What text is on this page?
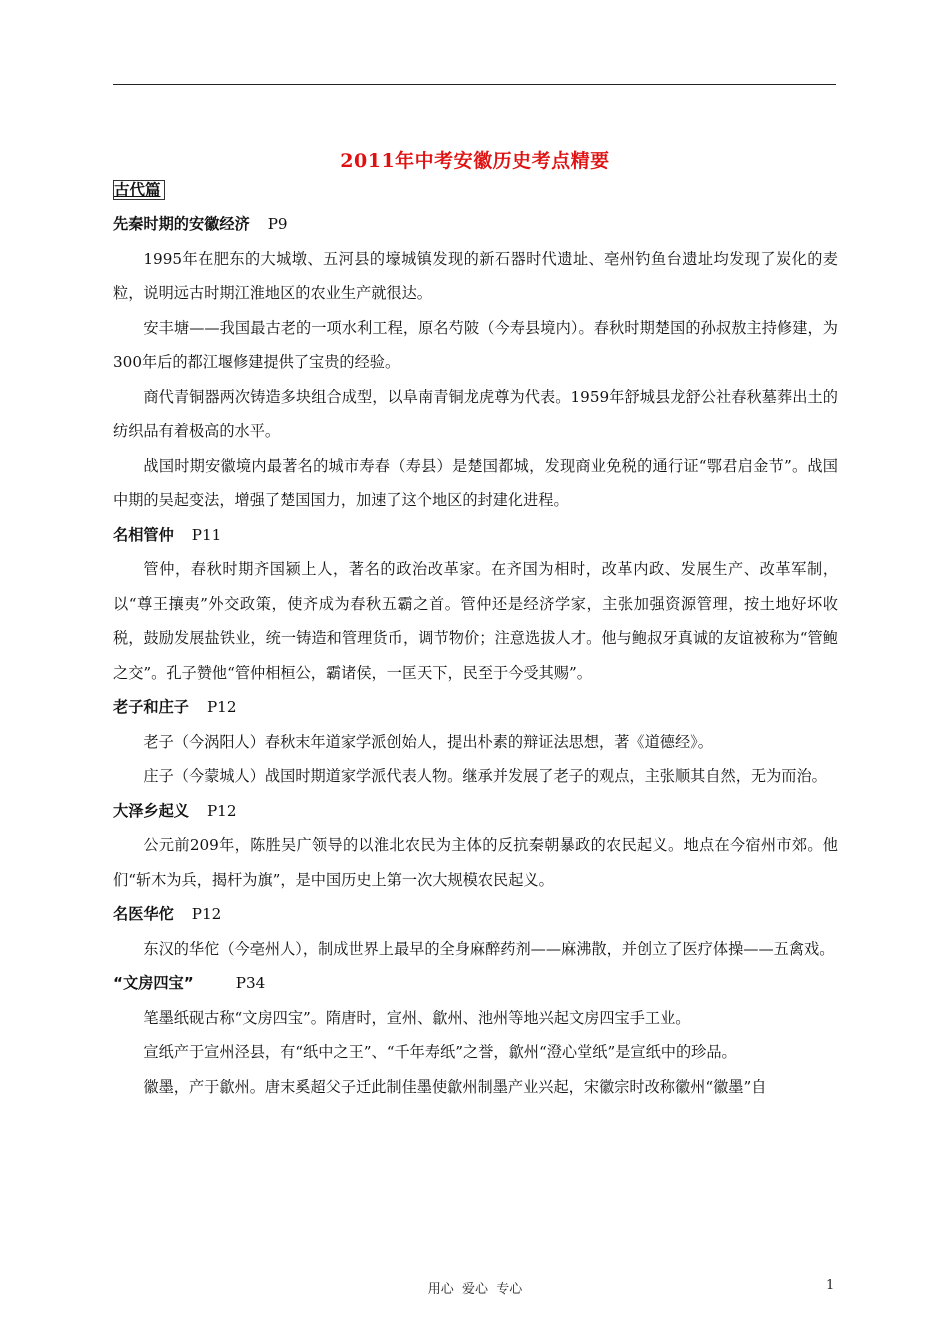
2011年中考安徽历史考点精要
古代篇
先秦时期的安徽经济 P9

1995年在肥东的大城墩、五河县的壕城镇发现的新石器时代遗址、亳州钓鱼台遗址均发现了炭化的麦粒，说明远古时期江淮地区的农业生产就很达。

安丰塘——我国最古老的一项水利工程，原名芍陂（今寿县境内）。春秋时期楚国的孙叔敖主持修建，为300年后的都江堰修建提供了宝贵的经验。

商代青铜器两次铸造多块组合成型，以阜南青铜龙虎尊为代表。1959年舒城县龙舒公社春秋墓葬出土的纺织品有着极高的水平。

战国时期安徽境内最著名的城市寿春（寿县）是楚国都城，发现商业免税的通行证“鄂君启金节”。战国中期的吴起变法，增强了楚国国力，加速了这个地区的封建化进程。

名相管仲 P11

管仲，春秋时期齐国颍上人，著名的政治改革家。在齐国为相时，改革内政、发展生产、改革军制，以“尊王攘夷”外交政策，使齐成为春秋五霸之首。管仲还是经济学家，主张加强资源管理，按土地好坏收税，鼓励发展盐铁业，统一铸造和管理货币，调节物价；注意选拔人才。他与鲍叔牙真诚的友谊被称为“管鲍之交”。孔子赞他“管仲相桓公，霸诸侯，一匡天下，民至于今受其赐”。

老子和庄子 P12

老子（今涡阳人）春秋末年道家学派创始人，提出朴素的辩证法思想，著《道德经》。

庄子（今蒙城人）战国时期道家学派代表人物。继承并发展了老子的观点，主张顺其自然，无为而治。

大泽乡起义 P12

公元前209年，陈胜吴广领导的以淮北农民为主体的反抗秦朝暴政的农民起义。地点在今宿州市郊。他们“斩木为兵，揭杆为旗”，是中国历史上第一次大规模农民起义。

名医华佗 P12

东汉的华佗（今亳州人），制成世界上最早的全身麻醉药剂——麻沸散，并创立了医疗体操——五禽戏。

“文房四宝”	P34

笔墨纸砚古称“文房四宝”。隋唐时，宣州、歙州、池州等地兴起文房四宝手工业。

宣纸产于宣州泾县，有“纸中之王”、“千年寿纸”之誉，歙州“澄心堂纸”是宣纸中的珍品。

徽墨，产于歙州。唐末奚超父子迁此制佳墨使歙州制墨产业兴起，宋徽宗时改称徽州“徽墨”自

用心  爱心  专心	1
